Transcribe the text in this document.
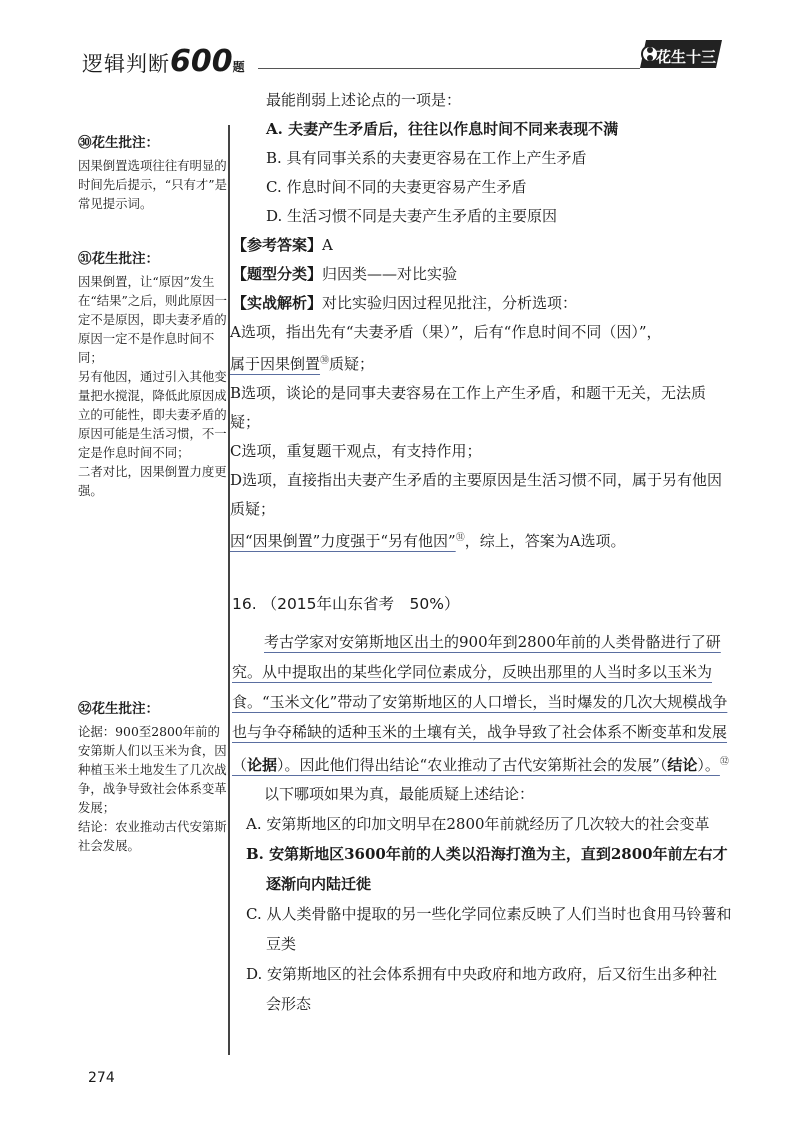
逻辑判断600题
花生十三
㉚花生批注：

因果倒置选项往往有明显的时间先后提示，“只有才”是常见提示词。

㉛花生批注：

因果倒置，让“原因”发生在“结果”之后，则此原因一定不是原因，即夫妻矛盾的原因一定不是作息时间不同；

另有他因，通过引入其他变量把水搅混，降低此原因成立的可能性，即夫妻矛盾的原因可能是生活习惯，不一定是作息时间不同；

二者对比，因果倒置力度更强。

㉜花生批注：

论据：900至2800年前的安第斯人们以玉米为食，因种植玉米土地发生了几次战争，战争导致社会体系变革发展；

结论：农业推动古代安第斯社会发展。

最能削弱上述论点的一项是：

A. 夫妻产生矛盾后，往往以作息时间不同来表现不满

B. 具有同事关系的夫妻更容易在工作上产生矛盾

C. 作息时间不同的夫妻更容易产生矛盾

D. 生活习惯不同是夫妻产生矛盾的主要原因

【参考答案】A

【题型分类】归因类——对比实验

【实战解析】对比实验归因过程见批注，分析选项：

A选项，指出先有“夫妻矛盾（果）”，后有“作息时间不同（因）”，

属于因果倒置$^㉚$质疑；

B选项，谈论的是同事夫妻容易在工作上产生矛盾，和题干无关，无法质疑；

C选项，重复题干观点，有支持作用；

D选项，直接指出夫妻产生矛盾的主要原因是生活习惯不同，属于另有他因质疑；

因“因果倒置”力度强于“另有他因”$^㉛$，综上，答案为A选项。

16. （2015年山东省考　50%）

考古学家对安第斯地区出土的900年到2800年前的人类骨骼进行了研究。从中提取出的某些化学同位素成分，反映出那里的人当时多以玉米为食。“玉米文化”带动了安第斯地区的人口增长，当时爆发的几次大规模战争也与争夺稀缺的适种玉米的土壤有关，战争导致了社会体系不断变革和发展（论据）。因此他们得出结论“农业推动了古代安第斯社会的发展”（结论）。$^㉜$

以下哪项如果为真，最能质疑上述结论：

A. 安第斯地区的印加文明早在2800年前就经历了几次较大的社会变革

B. 安第斯地区3600年前的人类以沿海打渔为主，直到2800年前左右才逐渐向内陆迁徙

C. 从人类骨骼中提取的另一些化学同位素反映了人们当时也食用马铃薯和豆类

D. 安第斯地区的社会体系拥有中央政府和地方政府，后又衍生出多种社会形态

274
